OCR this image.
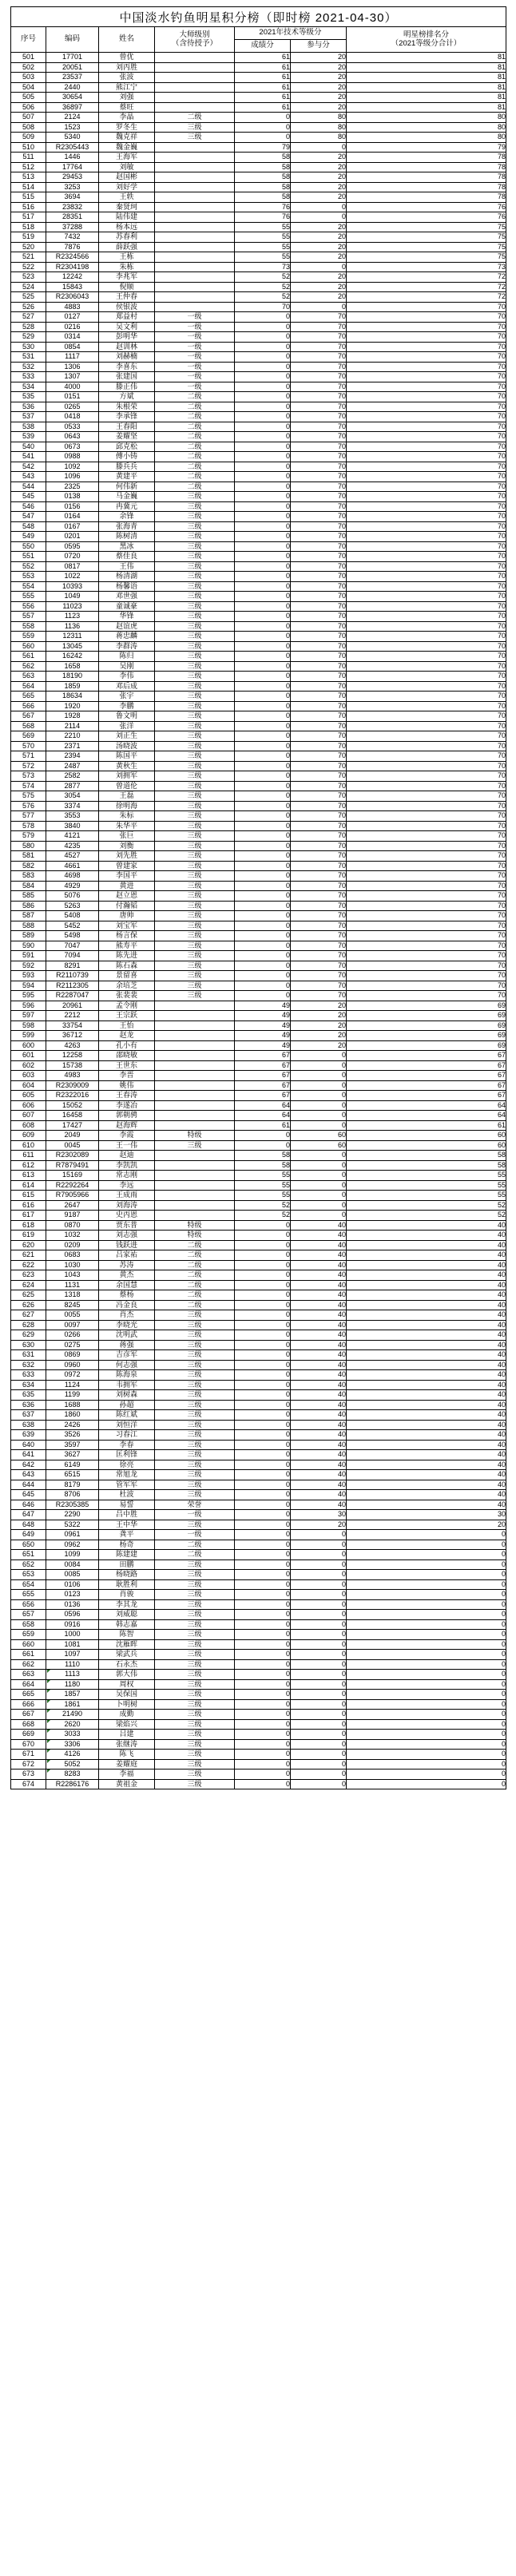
中国淡水钓鱼明星积分榜（即时榜 2021-04-30）						
序号	编码	姓名	大师级别
（含待授予）
	2021年技术等级分	明星榜排名分
（2021等级分合计）

				成绩分	参与分	
501	17701	曾优		61	20	81
502	20051	刘丙胜		61	20	81
503	23537	张波		61	20	81
504	2440	熊江宁		61	20	81
505	30654	刘强		61	20	81
506	36897	蔡旺		61	20	81
507	2124	李晶	二级	0	80	80
508	1523	罗冬生	三级	0	80	80
509	5340	魏克祥	三级	0	80	80
510	R2305443	魏金巍		79	0	79
511	1446	王海军		58	20	78
512	17764	刘敏		58	20	78
513	29453	赵国彬		58	20	78
514	3253	刘好学		58	20	78
515	3694	王轶		58	20	78
516	23832	秦贤珂		76	0	76
517	28351	陆伟建		76	0	76
518	37288	杨本远		55	20	75
519	7432	苏春利		55	20	75
520	7876	薛跃强		55	20	75
521	R2324566	王栋		55	20	75
522	R2304198	朱栋		73	0	73
523	12242	李兆军		52	20	72
524	15843	倪顺		52	20	72
525	R2306043	王仲春		52	20	72
526	4883	侯银波		70	0	70
527	0127	郑益村	一级	0	70	70
528	0216	吴文利	一级	0	70	70
529	0314	彭明华	一级	0	70	70
530	0854	赵训林	一级	0	70	70
531	1117	刘赫楠	一级	0	70	70
532	1306	李喜东	一级	0	70	70
533	1307	张建国	一级	0	70	70
534	4000	滕正伟	一级	0	70	70
535	0151	方斌	二级	0	70	70
536	0265	朱根荣	二级	0	70	70
537	0418	李承锋	二级	0	70	70
538	0533	王春阳	二级	0	70	70
539	0643	姜耀坚	二级	0	70	70
540	0673	邱克松	二级	0	70	70
541	0988	傅小铸	二级	0	70	70
542	1092	滕兵兵	二级	0	70	70
543	1096	黄建平	二级	0	70	70
544	2325	何伟新	二级	0	70	70
545	0138	马金巍	三级	0	70	70
546	0156	冉冀元	三级	0	70	70
547	0164	余锋	三级	0	70	70
548	0167	张海青	三级	0	70	70
549	0201	陈树清	三级	0	70	70
550	0595	黑冰	三级	0	70	70
551	0720	蔡佳良	三级	0	70	70
552	0817	王伟	三级	0	70	70
553	1022	杨清湖	三级	0	70	70
554	10393	杨馨语	三级	0	70	70
555	1049	邓世强	三级	0	70	70
556	11023	童诚豪	三级	0	70	70
557	1123	华锋	三级	0	70	70
558	1136	赵谊虎	三级	0	70	70
559	12311	蒋忠麟	三级	0	70	70
560	13045	李群涛	三级	0	70	70
561	16242	陈归	三级	0	70	70
562	1658	吴刚	三级	0	70	70
563	18190	李伟	三级	0	70	70
564	1859	邓后成	三级	0	70	70
565	18634	张宇	三级	0	70	70
566	1920	李鹏	三级	0	70	70
567	1928	鲁文明	三级	0	70	70
568	2114	张洋	三级	0	70	70
569	2210	刘正生	三级	0	70	70
570	2371	汤晓波	三级	0	70	70
571	2394	陈国平	三级	0	70	70
572	2487	黄秋生	三级	0	70	70
573	2582	刘拥军	三级	0	70	70
574	2877	曾道伦	三级	0	70	70
575	3054	王磊	三级	0	70	70
576	3374	徐明海	三级	0	70	70
577	3553	朱标	三级	0	70	70
578	3840	朱华平	三级	0	70	70
579	4121	张巨	三级	0	70	70
580	4235	刘衡	三级	0	70	70
581	4527	刘先胜	三级	0	70	70
582	4661	曾建家	三级	0	70	70
583	4698	李国平	三级	0	70	70
584	4929	黄进	三级	0	70	70
585	5076	赵立恩	三级	0	70	70
586	5263	付瀚韬	三级	0	70	70
587	5408	唐帅	三级	0	70	70
588	5452	刘宝军	三级	0	70	70
589	5498	杨言保	三级	0	70	70
590	7047	熊寿平	三级	0	70	70
591	7094	陈先进	三级	0	70	70
592	8291	陈石森	三级	0	70	70
593	R2110739	景留喜	三级	0	70	70
594	R2112305	余培芝	三级	0	70	70
595	R2287047	张裴裴	三级	0	70	70
596	20961	孟令刚		49	20	69
597	2212	王宗跃		49	20	69
598	33754	王怡		49	20	69
599	36712	赵龙		49	20	69
600	4263	孔小有		49	20	69
601	12258	邵晓敏		67	0	67
602	15738	王世东		67	0	67
603	4983	李晋		67	0	67
604	R2309009	姚伟		67	0	67
605	R2322016	王春涛		67	0	67
606	15052	李遂冶		64	0	64
607	16458	郭朝骋		64	0	64
608	17427	赵海辉		61	0	61
609	2049	李霞	特级	0	60	60
610	0045	王一伟	三级	0	60	60
611	R2302089	赵迪		58	0	58
612	R7879491	李凯凯		58	0	58
613	15169	常志刚		55	0	55
614	R2292264	李远		55	0	55
615	R7905966	王成雨		55	0	55
616	2647	刘海涛		52	0	52
617	9187	史丙恩		52	0	52
618	0870	贾东普	特级	0	40	40
619	1032	刘志强	特级	0	40	40
620	0209	钱跃进	二级	0	40	40
621	0683	吕家祐	二级	0	40	40
622	1030	苏涛	二级	0	40	40
623	1043	黄杰	二级	0	40	40
624	1131	余国慧	二级	0	40	40
625	1318	蔡杨	二级	0	40	40
626	8245	冯金良	二级	0	40	40
627	0055	肖杰	三级	0	40	40
628	0097	李晓光	三级	0	40	40
629	0266	沈明武	三级	0	40	40
630	0275	蒋强	三级	0	40	40
631	0869	吉彦军	三级	0	40	40
632	0960	何志强	三级	0	40	40
633	0972	陈海泉	三级	0	40	40
634	1124	韦拥军	三级	0	40	40
635	1199	刘树森	三级	0	40	40
636	1688	孙超	三级	0	40	40
637	1860	陈红斌	三级	0	40	40
638	2426	刘恒洋	三级	0	40	40
639	3526	习春江	三级	0	40	40
640	3597	李春	三级	0	40	40
641	3627	匡利锋	三级	0	40	40
642	6149	徐亮	三级	0	40	40
643	6515	常旭龙	三级	0	40	40
644	8179	管军军	三级	0	40	40
645	8706	杜波	三级	0	40	40
646	R2305385	易誓	荣誉	0	40	40
647	2290	吕中胜	一级	0	30	30
648	5322	王中华	三级	0	20	20
649	0961	龚平	一级	0	0	0
650	0962	杨奇	二级	0	0	0
651	1099	陈建建	二级	0	0	0
652	0084	田鹏	三级	0	0	0
653	0085	杨晓路	三级	0	0	0
654	0106	耿胜利	三级	0	0	0
655	0123	肖骏	三级	0	0	0
656	0136	李其龙	三级	0	0	0
657	0596	刘威聪	三级	0	0	0
658	0916	韩志嘉	三级	0	0	0
659	1000	陈智	三级	0	0	0
660	1081	沈雁晖	三级	0	0	0
661	1097	梁武兵	三级	0	0	0
662	1110	石永杰	三级	0	0	0
663	1113	郭大伟	三级	0	0	0
664	1180	周权	三级	0	0	0
665	1857	吴保国	三级	0	0	0
666	1861	卜明树	三级	0	0	0
667	21490	成勤	三级	0	0	0
668	2620	梁焰兴	三级	0	0	0
669	3033	吕建	三级	0	0	0
670	3306	张继涛	三级	0	0	0
671	4126	陈飞	三级	0	0	0
672	5052	姜耀庭	三级	0	0	0
673	8283	李福	三级	0	0	0
674	R2286176	黄祖金	三级	0	0	0
